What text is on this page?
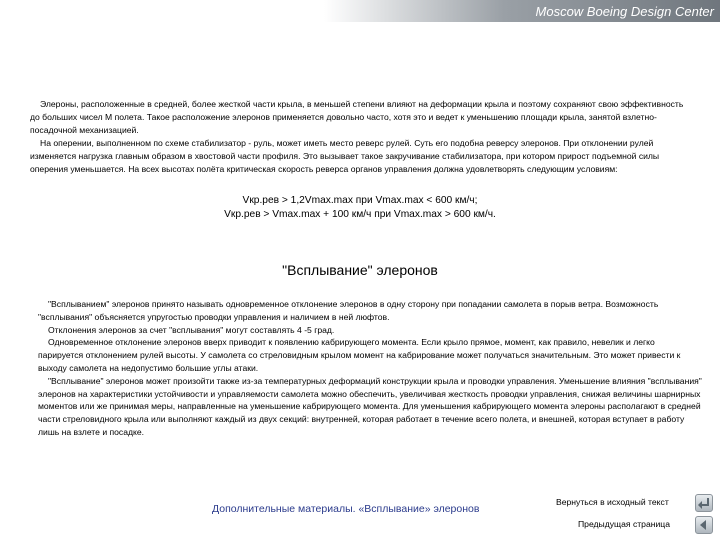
Moscow Boeing Design Center

Элероны, расположенные в средней, более жесткой части крыла, в меньшей степени влияют на деформации крыла и поэтому сохраняют свою эффективность до больших чисел М полета. Такое расположение элеронов применяется довольно часто, хотя это и ведет к уменьшению площади крыла, занятой взлетно-посадочной механизацией.

На оперении, выполненном по схеме стабилизатор - руль, может иметь место реверс рулей. Суть его подобна реверсу элеронов. При отклонении рулей изменяется нагрузка главным образом в хвостовой части профиля. Это вызывает такое закручивание стабилизатора, при котором прирост подъемной силы оперения уменьшается. На всех высотах полёта критическая скорость реверса органов управления должна удовлетворять следующим условиям:

Vкр.рев > 1,2Vmax.max при Vmax.max < 600 км/ч;
Vкр.рев > Vmax.max + 100 км/ч при Vmax.max > 600 км/ч.
"Всплывание" элеронов

"Всплыванием" элеронов принято называть одновременное отклонение элеронов в одну сторону при попадании самолета в порыв ветра. Возможность "всплывания" объясняется упругостью проводки управления и наличием в ней люфтов.

Отклонения элеронов за счет "всплывания" могут составлять 4 -5 град.

Одновременное отклонение элеронов вверх приводит к появлению кабрирующего момента. Если крыло прямое, момент, как правило, невелик и легко парируется отклонением рулей высоты. У самолета со стреловидным крылом момент на кабрирование может получаться значительным. Это может привести к выходу самолета на недопустимо большие углы атаки.

"Всплывание" элеронов может произойти также из-за температурных деформаций конструкции крыла и проводки управления. Уменьшение влияния "всплывания" элеронов на характеристики устойчивости и управляемости самолета можно обеспечить, увеличивая жесткость проводки управления, снижая величины шарнирных моментов или же принимая меры, направленные на уменьшение кабрирующего момента. Для уменьшения кабрирующего момента элероны располагают в средней части стреловидного крыла или выполняют каждый из двух секций: внутренней, которая работает в течение всего полета, и внешней, которая вступает в работу лишь на взлете и посадке.

Дополнительные материалы. «Всплывание» элеронов
Вернуться в исходный текст
Предыдущая страница
